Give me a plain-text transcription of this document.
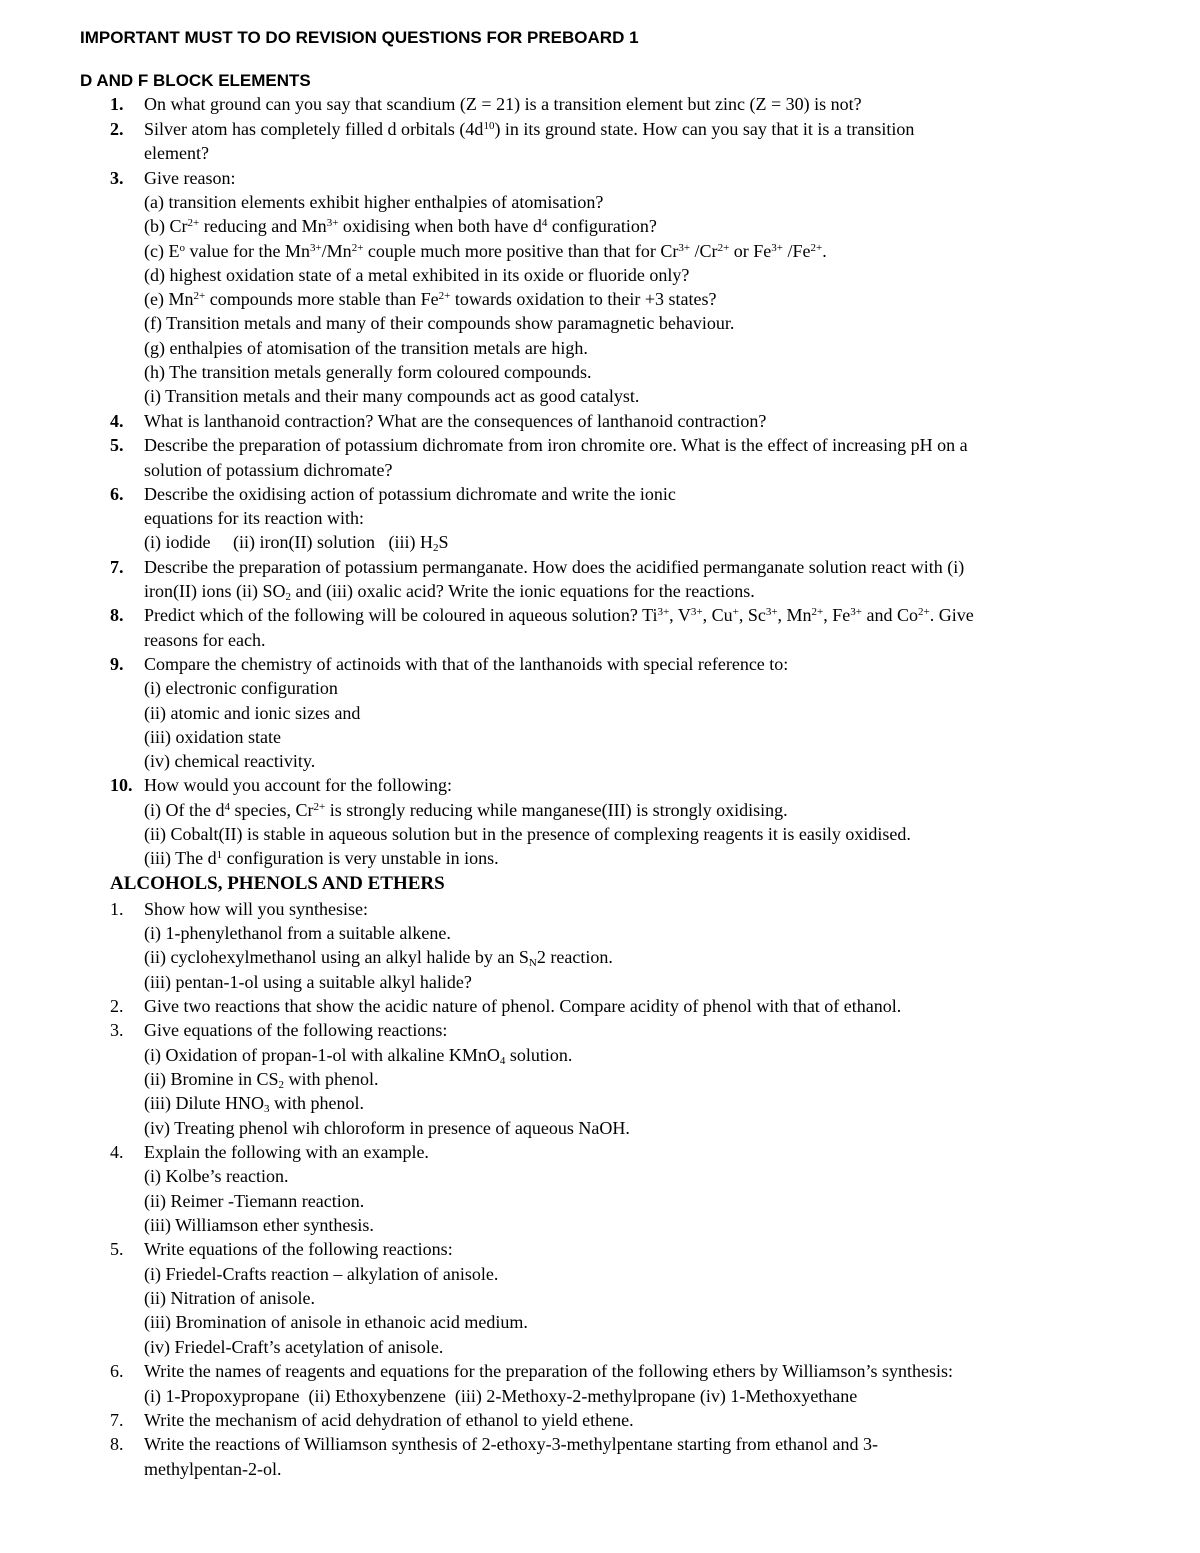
IMPORTANT MUST TO DO REVISION QUESTIONS FOR PREBOARD 1
D AND F BLOCK ELEMENTS
ALCOHOLS, PHENOLS AND ETHERS
1. On what ground can you say that scandium (Z = 21) is a transition element but zinc (Z = 30) is not?
2. Silver atom has completely filled d orbitals $(4d^{10})$ in its ground state. How can you say that it is a transition
element?
3. Give reason:
(a) transition elements exhibit higher enthalpies of atomisation?
(b) $Cr^{2+}$ reducing and $Mn^{3+}$ oxidising when both have $d^4$ configuration?
(c) $E^o$ value for the $Mn^{3+}/Mn^{2+}$ couple much more positive than that for $Cr^{3+}$ $/Cr^{2+}$ or $Fe^{3+}$ $/Fe^{2+}$.
(d) highest oxidation state of a metal exhibited in its oxide or fluoride only?
(e) $Mn^{2+}$ compounds more stable than $Fe^{2+}$ towards oxidation to their +3 states?
(f) Transition metals and many of their compounds show paramagnetic behaviour.
(g) enthalpies of atomisation of the transition metals are high.
(h) The transition metals generally form coloured compounds.
(i) Transition metals and their many compounds act as good catalyst.
4. What is lanthanoid contraction? What are the consequences of lanthanoid contraction?
5. Describe the preparation of potassium dichromate from iron chromite ore. What is the effect of increasing pH on a
solution of potassium dichromate?
6. Describe the oxidising action of potassium dichromate and write the ionic
equations for its reaction with:
(i) iodide     (ii) iron(II) solution   (iii) $H_2S$
7. Describe the preparation of potassium permanganate. How does the acidified permanganate solution react with (i)
iron(II) ions (ii) $SO_2$ and (iii) oxalic acid? Write the ionic equations for the reactions.
8. Predict which of the following will be coloured in aqueous solution? $Ti^{3+}$, $V^{3+}$, Cu+, $Sc^{3+}$, $Mn^{2+}$, $Fe^{3+}$ and $Co^{2+}$. Give
reasons for each.
9. Compare the chemistry of actinoids with that of the lanthanoids with special reference to:
(i) electronic configuration
(ii) atomic and ionic sizes and
(iii) oxidation state
(iv) chemical reactivity.
10. How would you account for the following:
(i) Of the $d^4$ species, $Cr^{2+}$ is strongly reducing while manganese(III) is strongly oxidising.
(ii) Cobalt(II) is stable in aqueous solution but in the presence of complexing reagents it is easily oxidised.
(iii) The $d^1$ configuration is very unstable in ions.
1. Show how will you synthesise:
(i) 1-phenylethanol from a suitable alkene.
(ii) cyclohexylmethanol using an alkyl halide by an $S_N2$ reaction.
(iii) pentan-1-ol using a suitable alkyl halide?
2. Give two reactions that show the acidic nature of phenol. Compare acidity of phenol with that of ethanol.
3. Give equations of the following reactions:
(i) Oxidation of propan-1-ol with alkaline KMnO$_4$ solution.
(ii) Bromine in $CS_2$ with phenol.
(iii) Dilute $HNO_3$ with phenol.
(iv) Treating phenol wih chloroform in presence of aqueous NaOH.
4. Explain the following with an example.
(i) Kolbe’s reaction.
(ii) Reimer -Tiemann reaction.
(iii) Williamson ether synthesis.
5. Write equations of the following reactions:
(i) Friedel-Crafts reaction – alkylation of anisole.
(ii) Nitration of anisole.
(iii) Bromination of anisole in ethanoic acid medium.
(iv) Friedel-Craft’s acetylation of anisole.
6. Write the names of reagents and equations for the preparation of the following ethers by Williamson’s synthesis:
(i) 1-Propoxypropane  (ii) Ethoxybenzene  (iii) 2-Methoxy-2-methylpropane (iv) 1-Methoxyethane
7. Write the mechanism of acid dehydration of ethanol to yield ethene.
8. Write the reactions of Williamson synthesis of 2-ethoxy-3-methylpentane starting from ethanol and 3-
methylpentan-2-ol.
